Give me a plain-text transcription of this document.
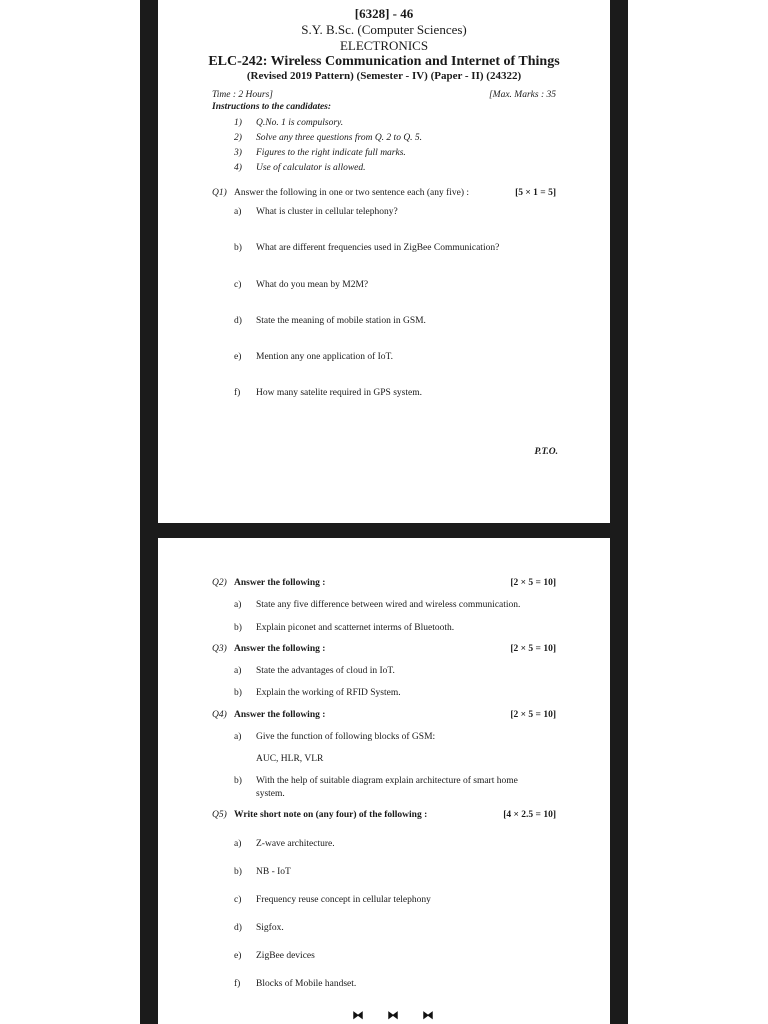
[6328] - 46
S.Y. B.Sc. (Computer Sciences)
ELECTRONICS
ELC-242: Wireless Communication and Internet of Things
(Revised 2019 Pattern) (Semester - IV) (Paper - II) (24322)
Time : 2 Hours]	[Max. Marks : 35
Instructions to the candidates:
1) Q.No. 1 is compulsory.
2) Solve any three questions from Q. 2 to Q. 5.
3) Figures to the right indicate full marks.
4) Use of calculator is allowed.
Q1) Answer the following in one or two sentence each (any five) :	[5 × 1 = 5]
a) What is cluster in cellular telephony?
b) What are different frequencies used in ZigBee Communication?
c) What do you mean by M2M?
d) State the meaning of mobile station in GSM.
e) Mention any one application of IoT.
f) How many satelite required in GPS system.
P.T.O.
Q2) Answer the following :	[2 × 5 = 10]
a) State any five difference between wired and wireless communication.
b) Explain piconet and scatternet interms of Bluetooth.
Q3) Answer the following :	[2 × 5 = 10]
a) State the advantages of cloud in IoT.
b) Explain the working of RFID System.
Q4) Answer the following :	[2 × 5 = 10]
a) Give the function of following blocks of GSM:
AUC, HLR, VLR
b) With the help of suitable diagram explain architecture of smart home
system.
Q5) Write short note on (any four) of the following :	[4 × 2.5 = 10]
a) Z-wave architecture.
b) NB - IoT
c) Frequency reuse concept in cellular telephony
d) Sigfox.
e) ZigBee devices
f) Blocks of Mobile handset.
⧓ ⧓ ⧓
